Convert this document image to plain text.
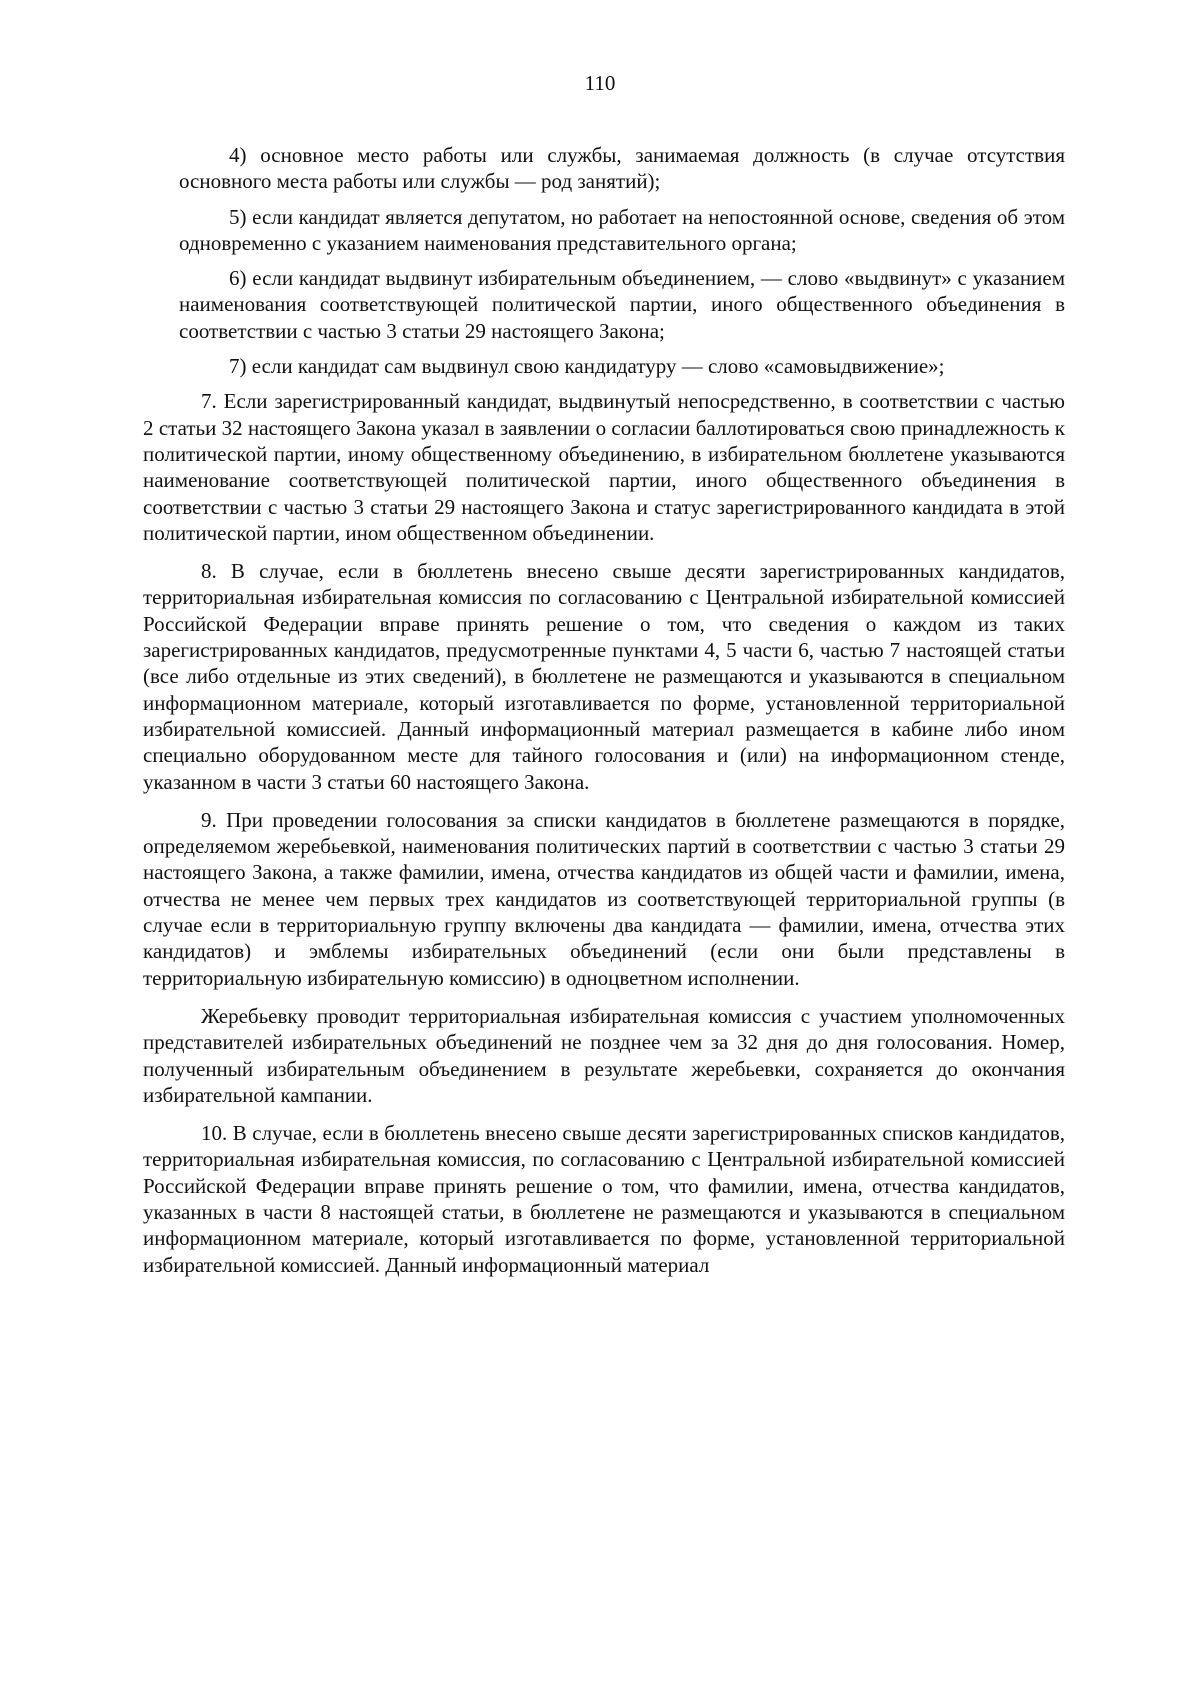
110

4) основное место работы или службы, занимаемая должность (в случае отсутствия основного места работы или службы — род занятий);

5) если кандидат является депутатом, но работает на непостоянной основе, сведения об этом одновременно с указанием наименования представительного органа;

6) если кандидат выдвинут избирательным объединением, — слово «выдвинут» с указанием наименования соответствующей политической партии, иного общественного объединения в соответствии с частью 3 статьи 29 настоящего Закона;

7) если кандидат сам выдвинул свою кандидатуру — слово «самовыдвижение»;

7. Если зарегистрированный кандидат, выдвинутый непосредственно, в соответствии с частью 2 статьи 32 настоящего Закона указал в заявлении о согласии баллотироваться свою принадлежность к политической партии, иному общественному объединению, в избирательном бюллетене указываются наименование соответствующей политической партии, иного общественного объединения в соответствии с частью 3 статьи 29 настоящего Закона и статус зарегистрированного кандидата в этой политической партии, ином общественном объединении.

8. В случае, если в бюллетень внесено свыше десяти зарегистрированных кандидатов, территориальная избирательная комиссия по согласованию с Центральной избирательной комиссией Российской Федерации вправе принять решение о том, что сведения о каждом из таких зарегистрированных кандидатов, предусмотренные пунктами 4, 5 части 6, частью 7 настоящей статьи (все либо отдельные из этих сведений), в бюллетене не размещаются и указываются в специальном информационном материале, который изготавливается по форме, установленной территориальной избирательной комиссией. Данный информационный материал размещается в кабине либо ином специально оборудованном месте для тайного голосования и (или) на информационном стенде, указанном в части 3 статьи 60 настоящего Закона.

9. При проведении голосования за списки кандидатов в бюллетене размещаются в порядке, определяемом жеребьевкой, наименования политических партий в соответствии с частью 3 статьи 29 настоящего Закона, а также фамилии, имена, отчества кандидатов из общей части и фамилии, имена, отчества не менее чем первых трех кандидатов из соответствующей территориальной группы (в случае если в территориальную группу включены два кандидата — фамилии, имена, отчества этих кандидатов) и эмблемы избирательных объединений (если они были представлены в территориальную избирательную комиссию) в одноцветном исполнении.

Жеребьевку проводит территориальная избирательная комиссия с участием уполномоченных представителей избирательных объединений не позднее чем за 32 дня до дня голосования. Номер, полученный избирательным объединением в результате жеребьевки, сохраняется до окончания избирательной кампании.

10. В случае, если в бюллетень внесено свыше десяти зарегистрированных списков кандидатов, территориальная избирательная комиссия, по согласованию с Центральной избирательной комиссией Российской Федерации вправе принять решение о том, что фамилии, имена, отчества кандидатов, указанных в части 8 настоящей статьи, в бюллетене не размещаются и указываются в специальном информационном материале, который изготавливается по форме, установленной территориальной избирательной комиссией. Данный информационный материал
